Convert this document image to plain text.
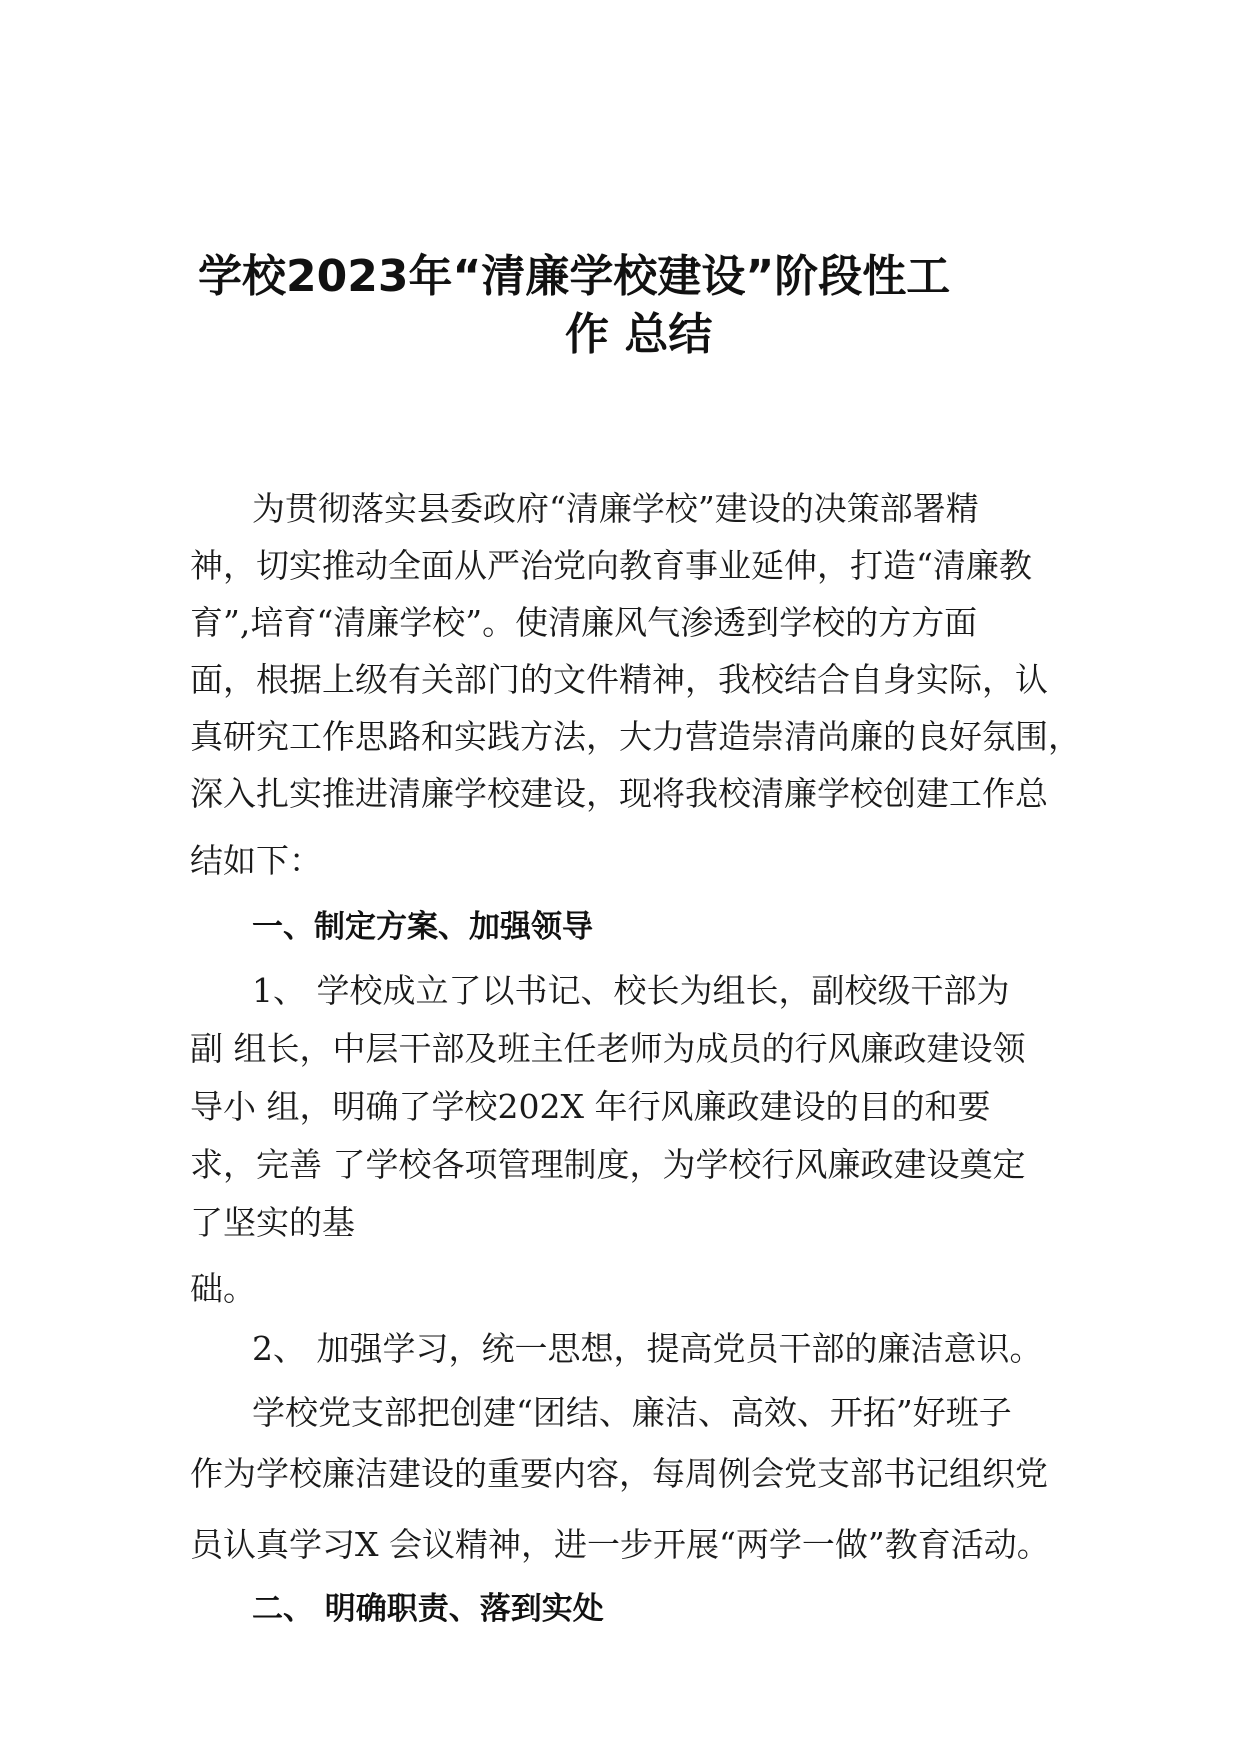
学校2023年“清廉学校建设”阶段性工
作 总结
为贯彻落实县委政府“清廉学校”建设的决策部署精
神，切实推动全面从严治党向教育事业延伸，打造“清廉教
育”,培育“清廉学校”。使清廉风气渗透到学校的方方面
面，根据上级有关部门的文件精神，我校结合自身实际，认
真研究工作思路和实践方法，大力营造崇清尚廉的良好氛围，
深入扎实推进清廉学校建设，现将我校清廉学校创建工作总
结如下：
一、制定方案、加强领导
1、 学校成立了以书记、校长为组长，副校级干部为
副 组长，中层干部及班主任老师为成员的行风廉政建设领
导小 组，明确了学校202X 年行风廉政建设的目的和要
求，完善 了学校各项管理制度，为学校行风廉政建设奠定
了坚实的基
础。
2、 加强学习，统一思想，提高党员干部的廉洁意识。
学校党支部把创建“团结、廉洁、高效、开拓”好班子
作为学校廉洁建设的重要内容，每周例会党支部书记组织党
员认真学习X 会议精神，进一步开展“两学一做”教育活动。
二、 明确职责、落到实处
